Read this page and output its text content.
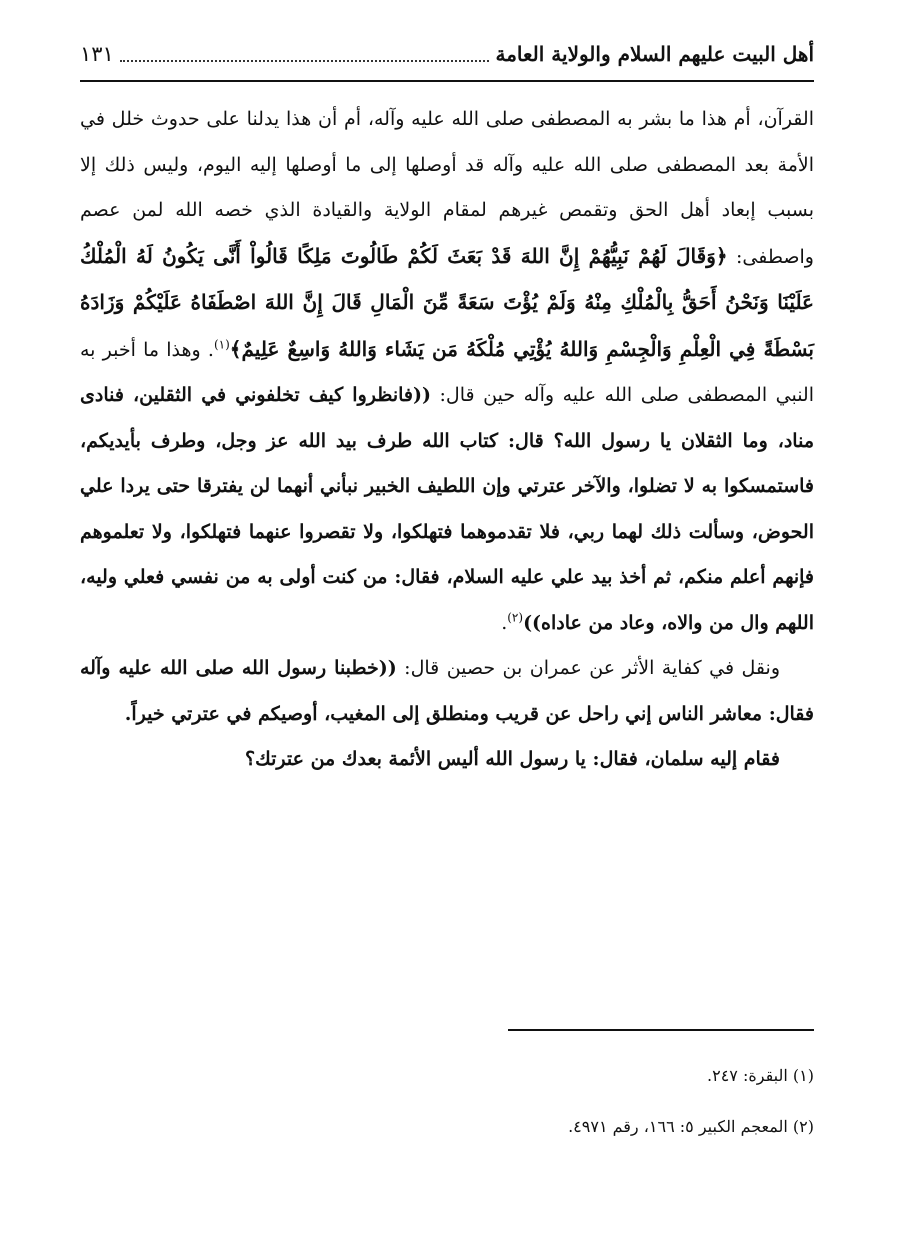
أهل البيت عليهم السلام والولاية العامة
١٣١

القرآن، أم هذا ما بشر به المصطفى صلى الله عليه وآله، أم أن هذا يدلنا على حدوث خلل في الأمة بعد المصطفى صلى الله عليه وآله قد أوصلها إلى ما أوصلها إليه اليوم، وليس ذلك إلا بسبب إبعاد أهل الحق وتقمص غيرهم لمقام الولاية والقيادة الذي خصه الله لمن عصم واصطفى: ﴿وَقَالَ لَهُمْ نَبِيُّهُمْ إِنَّ اللهَ قَدْ بَعَثَ لَكُمْ طَالُوتَ مَلِكًا قَالُواْ أَنَّى يَكُونُ لَهُ الْمُلْكُ عَلَيْنَا وَنَحْنُ أَحَقُّ بِالْمُلْكِ مِنْهُ وَلَمْ يُؤْتَ سَعَةً مِّنَ الْمَالِ قَالَ إِنَّ اللهَ اصْطَفَاهُ عَلَيْكُمْ وَزَادَهُ بَسْطَةً فِي الْعِلْمِ وَالْجِسْمِ وَاللهُ يُؤْتِي مُلْكَهُ مَن يَشَاء وَاللهُ وَاسِعٌ عَلِيمٌ﴾$^{(١)}$. وهذا ما أخبر به النبي المصطفى صلى الله عليه وآله حين قال: ((فانظروا كيف تخلفوني في الثقلين، فنادى مناد، وما الثقلان يا رسول الله؟ قال: كتاب الله طرف بيد الله عز وجل، وطرف بأيديكم، فاستمسكوا به لا تضلوا، والآخر عترتي وإن اللطيف الخبير نبأني أنهما لن يفترقا حتى يردا علي الحوض، وسألت ذلك لهما ربي، فلا تقدموهما فتهلكوا، ولا تقصروا عنهما فتهلكوا، ولا تعلموهم فإنهم أعلم منكم، ثم أخذ بيد علي عليه السلام، فقال: من كنت أولى به من نفسي فعلي وليه، اللهم وال من والاه، وعاد من عاداه))$^{(٢)}$.

ونقل في كفاية الأثر عن عمران بن حصين قال: ((خطبنا رسول الله صلى الله عليه وآله فقال: معاشر الناس إني راحل عن قريب ومنطلق إلى المغيب، أوصيكم في عترتي خيراً.

فقام إليه سلمان، فقال: يا رسول الله أليس الأئمة بعدك من عترتك؟

(١) البقرة: ٢٤٧.
(٢) المعجم الكبير ٥: ١٦٦، رقم ٤٩٧١.
